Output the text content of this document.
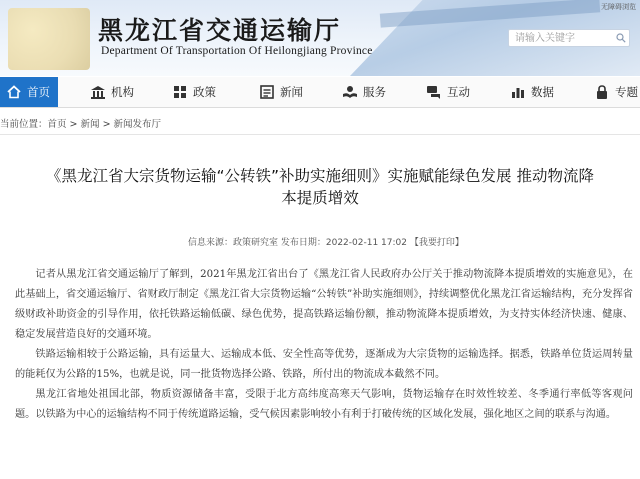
黑龙江省交通运输厅
Department Of Transportation Of Heilongjiang Province
无障碍浏览
请输入关键字
首页	机构	政策	新闻	服务	互动	数据	专题
当前位置：首页 > 新闻 > 新闻发布厅
《黑龙江省大宗货物运输“公转铁”补助实施细则》实施赋能绿色发展 推动物流降
本提质增效
信息来源：政策研究室 发布日期：2022-02-11 17:02 【我要打印】

记者从黑龙江省交通运输厅了解到，2021年黑龙江省出台了《黑龙江省人民政府办公厅关于推动物流降本提质增效的实施意见》，在此基础上，省交通运输厅、省财政厅制定《黑龙江省大宗货物运输“公转铁”补助实施细则》，持续调整优化黑龙江省运输结构，充分发挥省级财政补助资金的引导作用，依托铁路运输低碳、绿色优势，提高铁路运输份额，推动物流降本提质增效，为支持实体经济快速、健康、稳定发展营造良好的交通环境。

铁路运输相较于公路运输，具有运量大、运输成本低、安全性高等优势，逐渐成为大宗货物的运输选择。据悉，铁路单位货运周转量的能耗仅为公路的15%，也就是说，同一批货物选择公路、铁路，所付出的物流成本截然不同。

黑龙江省地处祖国北部，物质资源储备丰富，受限于北方高纬度高寒天气影响，货物运输存在时效性较差、冬季通行率低等客观问题。以铁路为中心的运输结构不同于传统道路运输，受气候因素影响较小有利于打破传统的区域化发展，强化地区之间的联系与沟通。
